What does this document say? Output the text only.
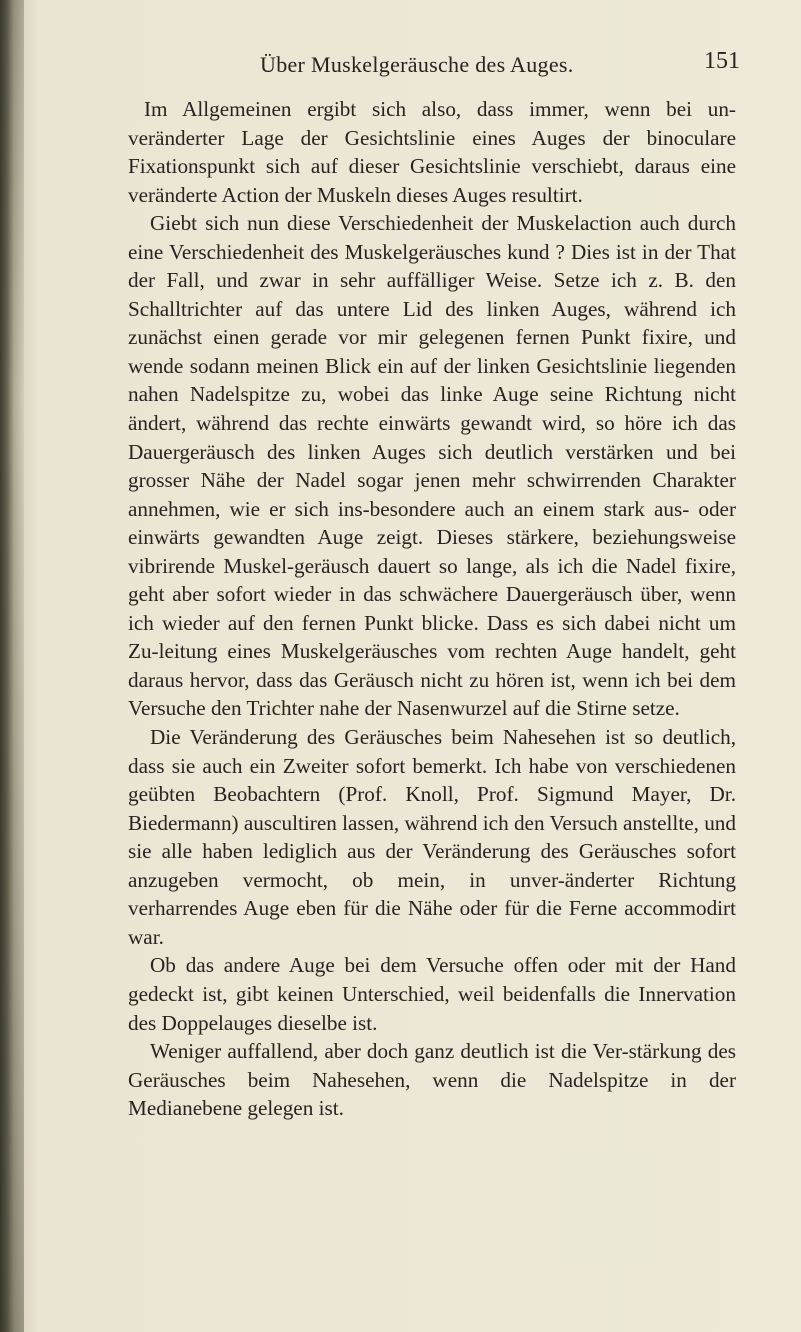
Über Muskelgeräusche des Auges.	151

Im Allgemeinen ergibt sich also, dass immer, wenn bei un-veränderter Lage der Gesichtslinie eines Auges der binoculare Fixationspunkt sich auf dieser Gesichtslinie verschiebt, daraus eine veränderte Action der Muskeln dieses Auges resultirt.

Giebt sich nun diese Verschiedenheit der Muskelaction auch durch eine Verschiedenheit des Muskelgeräusches kund ? Dies ist in der That der Fall, und zwar in sehr auffälliger Weise. Setze ich z. B. den Schalltrichter auf das untere Lid des linken Auges, während ich zunächst einen gerade vor mir gelegenen fernen Punkt fixire, und wende sodann meinen Blick ein auf der linken Gesichtslinie liegenden nahen Nadelspitze zu, wobei das linke Auge seine Richtung nicht ändert, während das rechte einwärts gewandt wird, so höre ich das Dauergeräusch des linken Auges sich deutlich verstärken und bei grosser Nähe der Nadel sogar jenen mehr schwirrenden Charakter annehmen, wie er sich ins-besondere auch an einem stark aus- oder einwärts gewandten Auge zeigt. Dieses stärkere, beziehungsweise vibrirende Muskel-geräusch dauert so lange, als ich die Nadel fixire, geht aber sofort wieder in das schwächere Dauergeräusch über, wenn ich wieder auf den fernen Punkt blicke. Dass es sich dabei nicht um Zu-leitung eines Muskelgeräusches vom rechten Auge handelt, geht daraus hervor, dass das Geräusch nicht zu hören ist, wenn ich bei dem Versuche den Trichter nahe der Nasenwurzel auf die Stirne setze.

Die Veränderung des Geräusches beim Nahesehen ist so deutlich, dass sie auch ein Zweiter sofort bemerkt. Ich habe von verschiedenen geübten Beobachtern (Prof. Knoll, Prof. Sigmund Mayer, Dr. Biedermann) auscultiren lassen, während ich den Versuch anstellte, und sie alle haben lediglich aus der Veränderung des Geräusches sofort anzugeben vermocht, ob mein, in unver-änderter Richtung verharrendes Auge eben für die Nähe oder für die Ferne accommodirt war.

Ob das andere Auge bei dem Versuche offen oder mit der Hand gedeckt ist, gibt keinen Unterschied, weil beidenfalls die Innervation des Doppelauges dieselbe ist.

Weniger auffallend, aber doch ganz deutlich ist die Ver-stärkung des Geräusches beim Nahesehen, wenn die Nadelspitze in der Medianebene gelegen ist.
